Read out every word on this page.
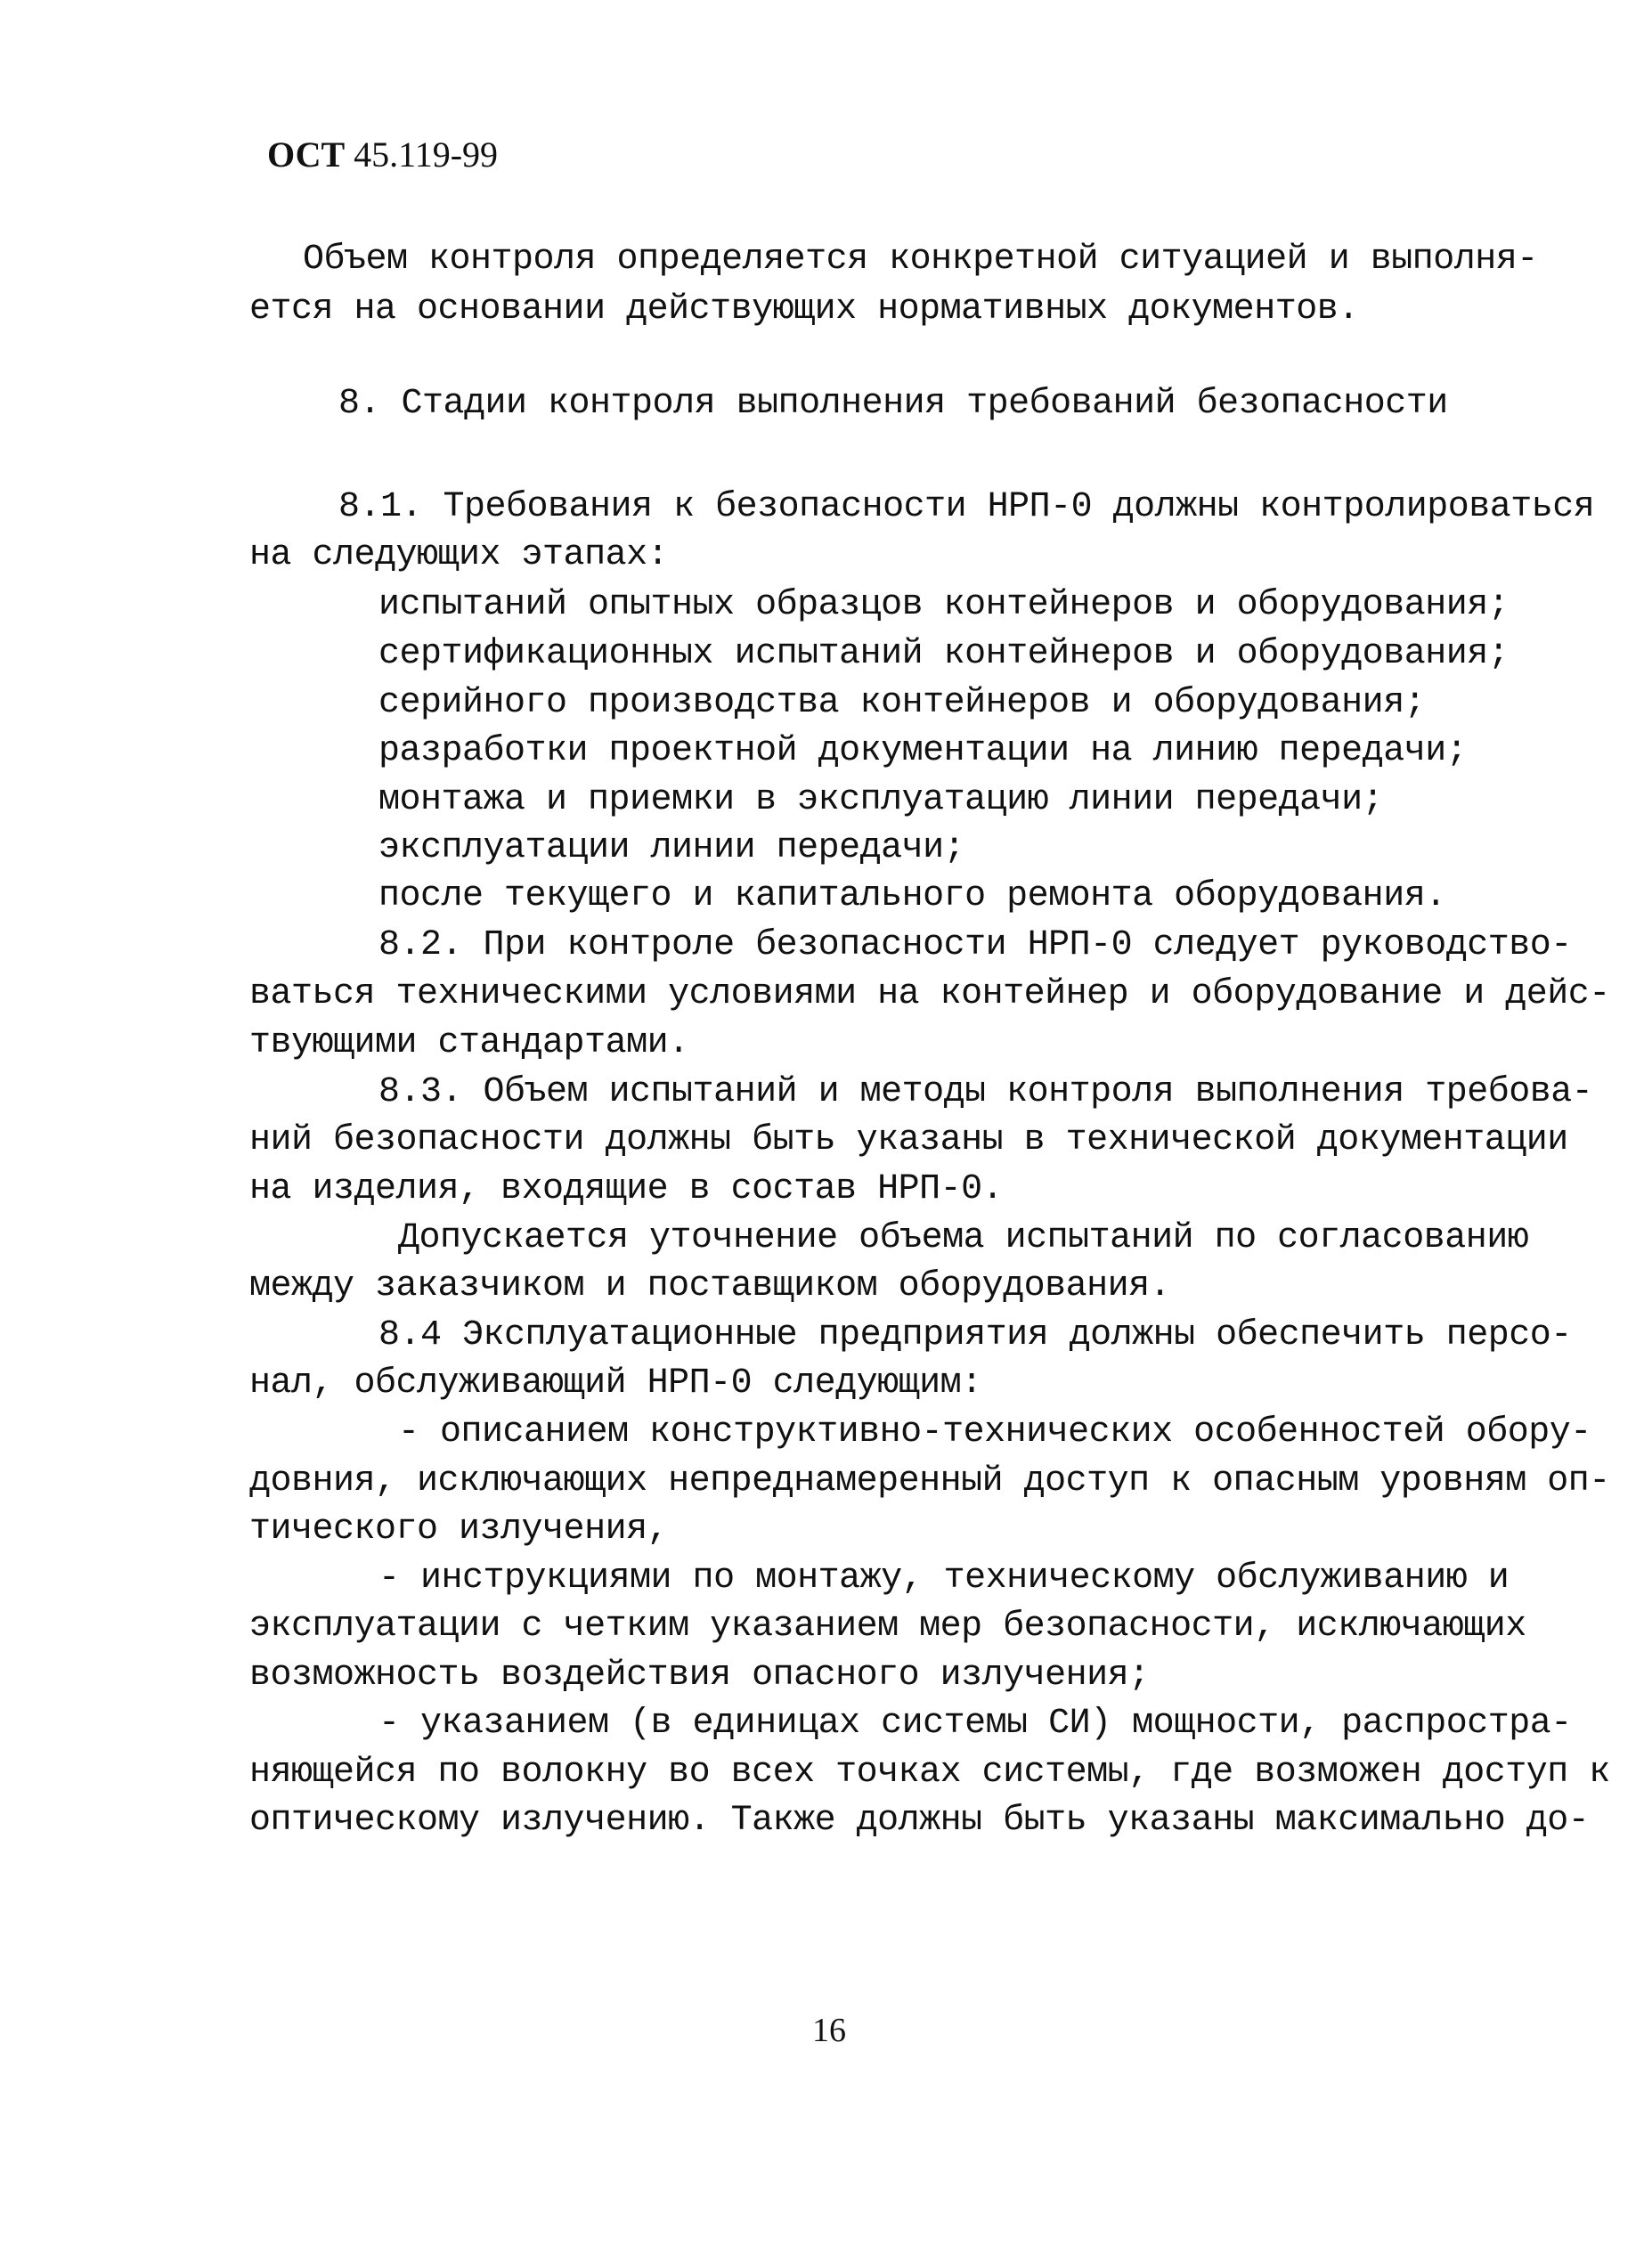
ОСТ 45.119-99
Объем контроля определяется конкретной ситуацией и выполня-
ется на основании действующих нормативных документов.
8. Стадии контроля выполнения требований безопасности
8.1. Требования к безопасности НРП-0 должны контролироваться
на следующих этапах:
испытаний опытных образцов контейнеров и оборудования;
сертификационных испытаний контейнеров и оборудования;
серийного производства контейнеров и оборудования;
разработки проектной документации на линию передачи;
монтажа и приемки в эксплуатацию линии передачи;
эксплуатации линии передачи;
после текущего и капитального ремонта оборудования.
8.2. При контроле безопасности НРП-0 следует руководство-
ваться техническими условиями на контейнер и оборудование и дейс-
твующими стандартами.
8.3. Объем испытаний и методы контроля выполнения требова-
ний безопасности должны быть указаны в технической документации
на изделия, входящие в состав НРП-0.
Допускается уточнение объема испытаний по согласованию
между заказчиком и поставщиком оборудования.
8.4 Эксплуатационные предприятия должны обеспечить персо-
нал, обслуживающий НРП-0 следующим:
- описанием конструктивно-технических особенностей обору-
довния, исключающих непреднамеренный доступ к опасным уровням оп-
тического излучения,
- инструкциями по монтажу, техническому обслуживанию и
эксплуатации с четким указанием мер безопасности, исключающих
возможность воздействия опасного излучения;
- указанием (в единицах системы СИ) мощности, распростра-
няющейся по волокну во всех точках системы, где возможен доступ к
оптическому излучению. Также должны быть указаны максимально до-
16
